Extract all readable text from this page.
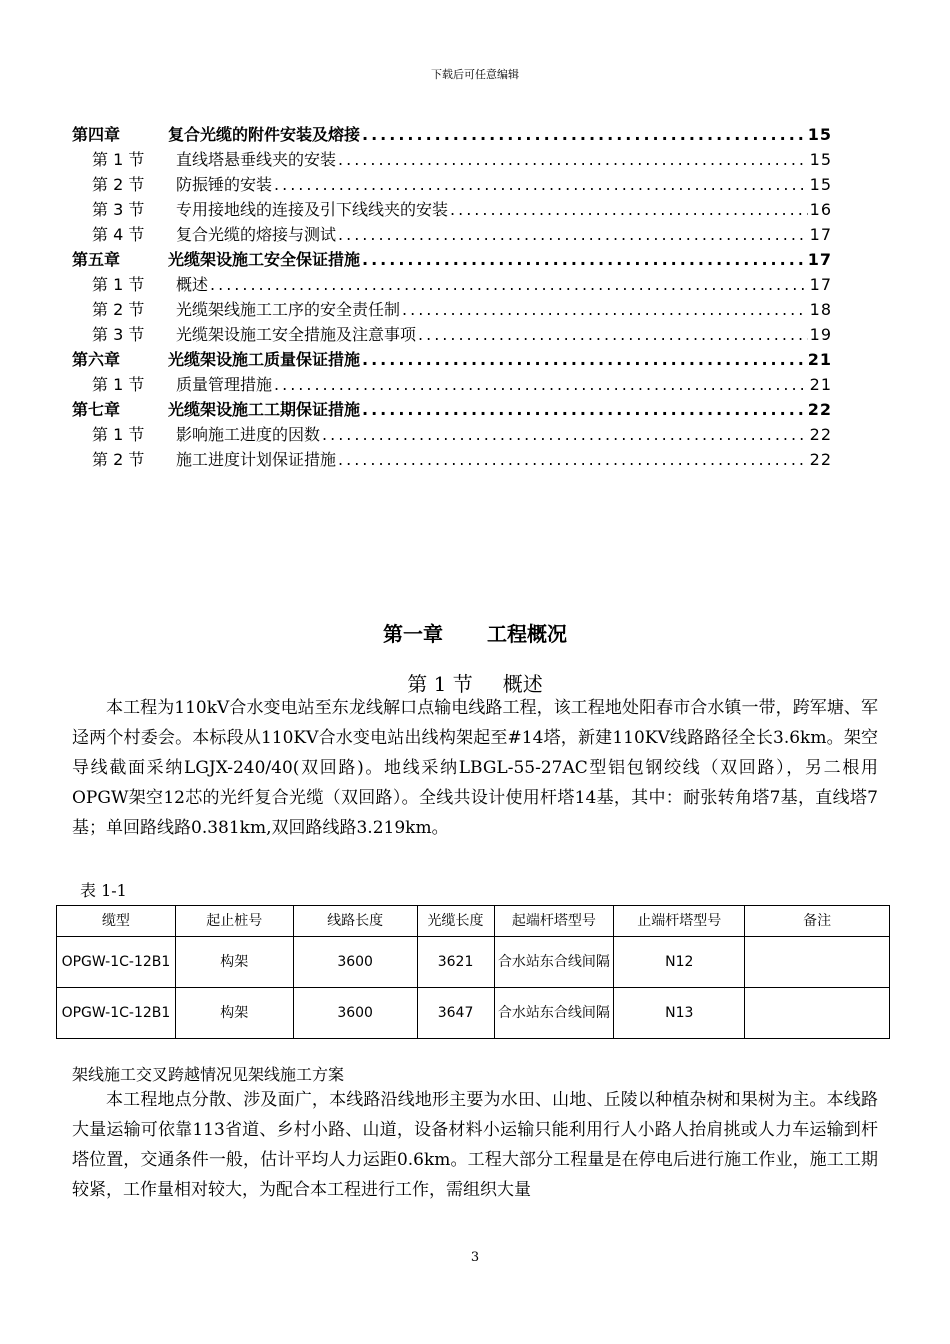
下载后可任意编辑
第四章	复合光缆的附件安装及熔接 .....	15
第 1 节	直线塔悬垂线夹的安装 .....	15
第 2 节	防振锤的安装 .....	15
第 3 节	专用接地线的连接及引下线线夹的安装 .....	16
第 4 节	复合光缆的熔接与测试 .....	17
第五章	光缆架设施工安全保证措施 .....	17
第 1 节	概述 .....	17
第 2 节	光缆架线施工工序的安全责任制 .....	18
第 3 节	光缆架设施工安全措施及注意事项 .....	19
第六章	光缆架设施工质量保证措施 .....	21
第 1 节	质量管理措施 .....	21
第七章	光缆架设施工工期保证措施 .....	22
第 1 节	影响施工进度的因数 .....	22
第 2 节	施工进度计划保证措施 .....	22
第一章 工程概况
第 1 节 概述
本工程为110kV合水变电站至东龙线解口点输电线路工程，该工程地处阳春市合水镇一带，跨军塘、军迳两个村委会。本标段从110KV合水变电站出线构架起至#14塔，新建110KV线路路径全长3.6km。架空导线截面采纳LGJX-240/40(双回路)。地线采纳LBGL-55-27AC型铝包钢绞线（双回路），另二根用OPGW架空12芯的光纤复合光缆（双回路）。全线共设计使用杆塔14基，其中：耐张转角塔7基，直线塔7基；单回路线路0.381km,双回路线路3.219km。
表 1-1
缆型	起止桩号	线路长度	光缆长度	起端杆塔型号	止端杆塔型号	备注
OPGW-1C-12B1	构架	3600	3621	合水站东合线间隔	N12	
OPGW-1C-12B1	构架	3600	3647	合水站东合线间隔	N13	
架线施工交叉跨越情况见架线施工方案
本工程地点分散、涉及面广，本线路沿线地形主要为水田、山地、丘陵以种植杂树和果树为主。本线路大量运输可依靠113省道、乡村小路、山道，设备材料小运输只能利用行人小路人抬肩挑或人力车运输到杆塔位置，交通条件一般，估计平均人力运距0.6km。工程大部分工程量是在停电后进行施工作业，施工工期较紧，工作量相对较大，为配合本工程进行工作，需组织大量
3
